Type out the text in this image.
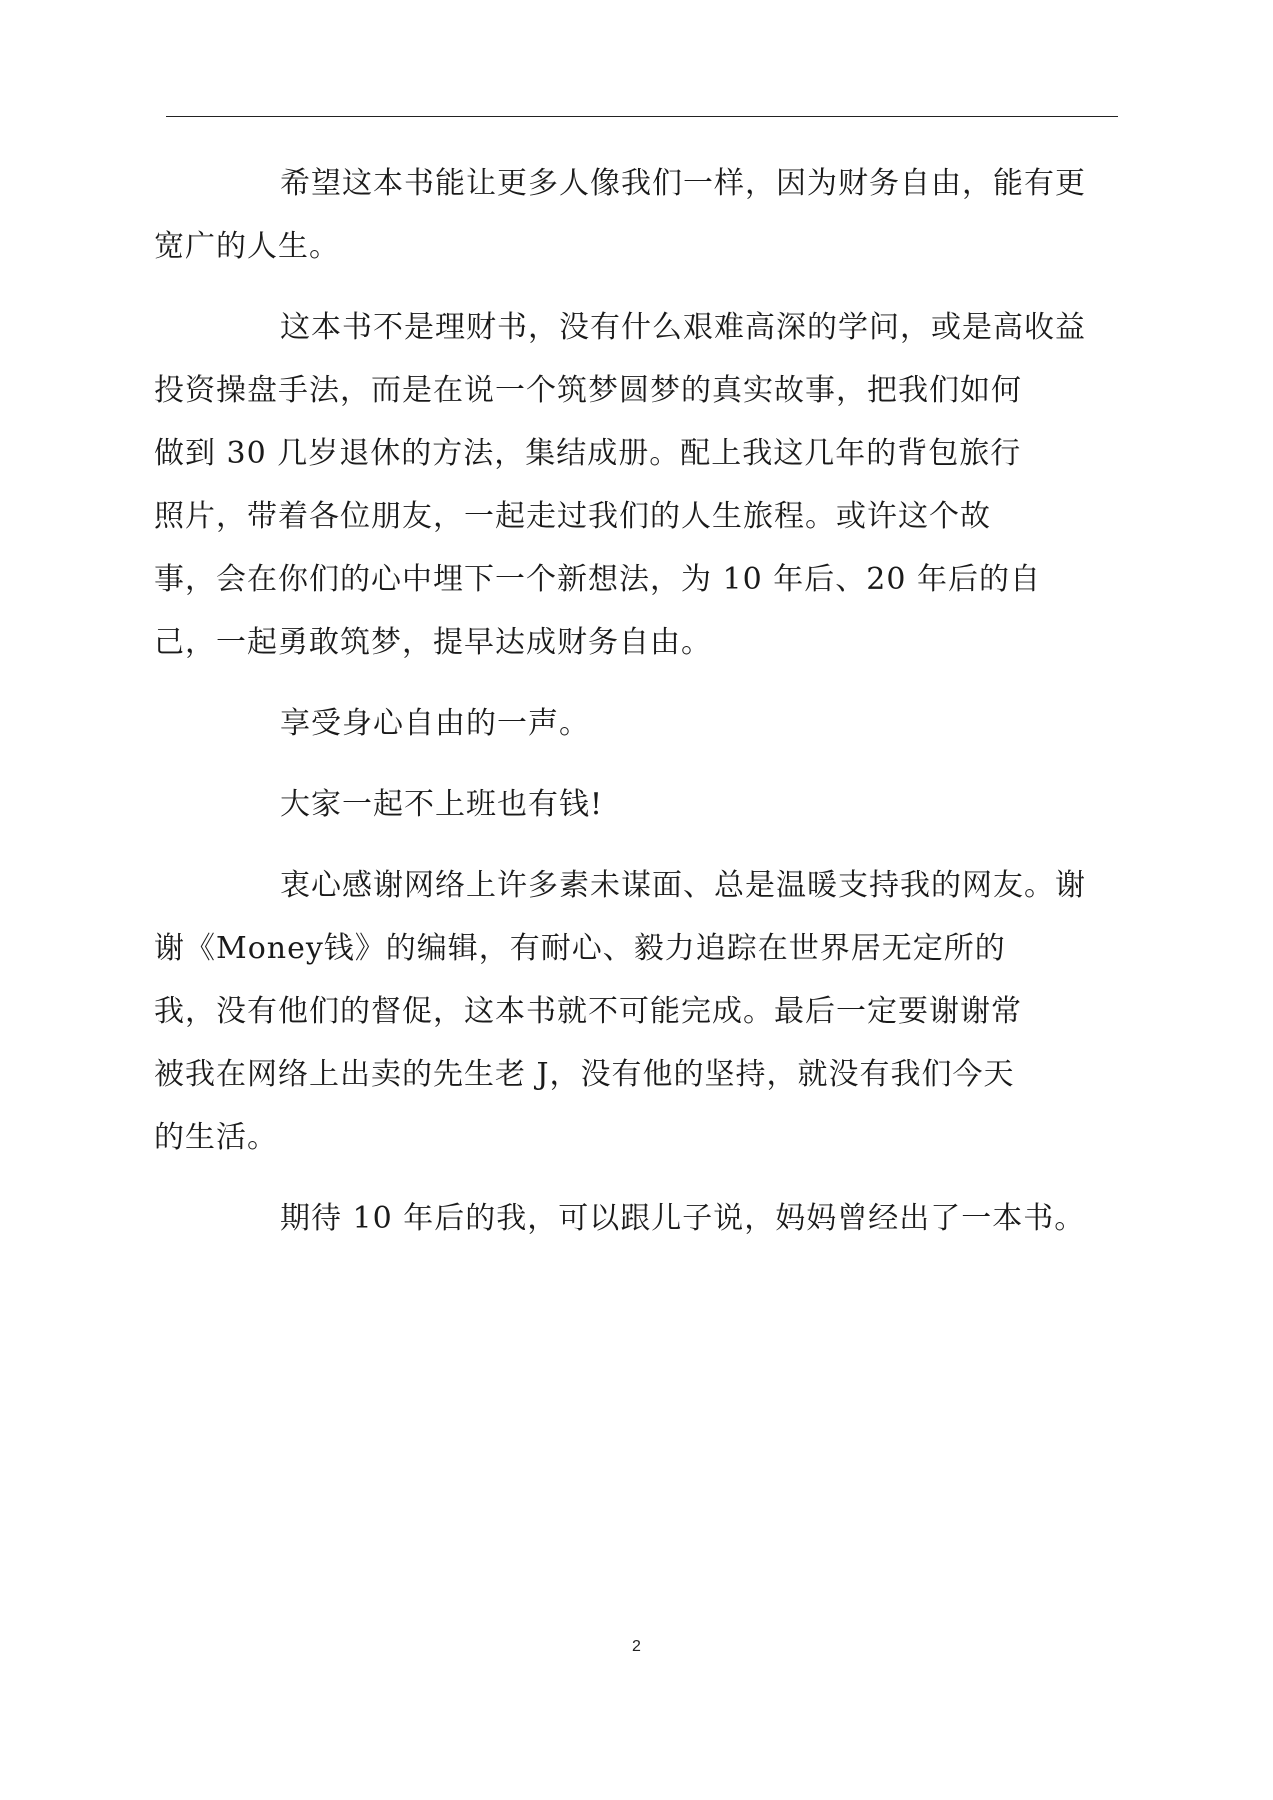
希望这本书能让更多人像我们一样，因为财务自由，能有更
宽广的人生。

这本书不是理财书，没有什么艰难高深的学问，或是高收益
投资操盘手法，而是在说一个筑梦圆梦的真实故事，把我们如何
做到 30 几岁退休的方法，集结成册。配上我这几年的背包旅行
照片，带着各位朋友，一起走过我们的人生旅程。或许这个故
事，会在你们的心中埋下一个新想法，为 10 年后、20 年后的自
己，一起勇敢筑梦，提早达成财务自由。

享受身心自由的一声。

大家一起不上班也有钱!

衷心感谢网络上许多素未谋面、总是温暖支持我的网友。谢
谢《Money钱》的编辑，有耐心、毅力追踪在世界居无定所的
我，没有他们的督促，这本书就不可能完成。最后一定要谢谢常
被我在网络上出卖的先生老 J，没有他的坚持，就没有我们今天
的生活。

期待 10 年后的我，可以跟儿子说，妈妈曾经出了一本书。

2
